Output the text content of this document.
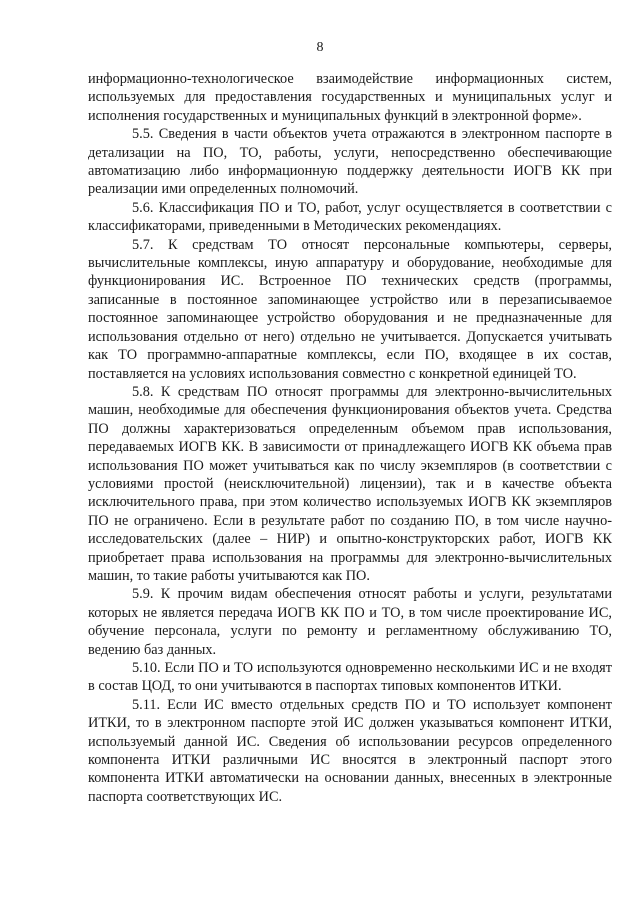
8

информационно-технологическое взаимодействие информационных систем, используемых для предоставления государственных и муниципальных услуг и исполнения государственных и муниципальных функций в электронной форме».

5.5. Сведения в части объектов учета отражаются в электронном паспорте в детализации на ПО, ТО, работы, услуги, непосредственно обеспечивающие автоматизацию либо информационную поддержку деятельности ИОГВ КК при реализации ими определенных полномочий.

5.6. Классификация ПО и ТО, работ, услуг осуществляется в соответствии с классификаторами, приведенными в Методических рекомендациях.

5.7. К средствам ТО относят персональные компьютеры, серверы, вычислительные комплексы, иную аппаратуру и оборудование, необходимые для функционирования ИС. Встроенное ПО технических средств (программы, записанные в постоянное запоминающее устройство или в перезаписываемое постоянное запоминающее устройство оборудования и не предназначенные для использования отдельно от него) отдельно не учитывается. Допускается учитывать как ТО программно-аппаратные комплексы, если ПО, входящее в их состав, поставляется на условиях использования совместно с конкретной единицей ТО.

5.8. К средствам ПО относят программы для электронно-вычислительных машин, необходимые для обеспечения функционирования объектов учета. Средства ПО должны характеризоваться определенным объемом прав использования, передаваемых ИОГВ КК. В зависимости от принадлежащего ИОГВ КК объема прав использования ПО может учитываться как по числу экземпляров (в соответствии с условиями простой (неисключительной) лицензии), так и в качестве объекта исключительного права, при этом количество используемых ИОГВ КК экземпляров ПО не ограничено. Если в результате работ по созданию ПО, в том числе научно-исследовательских (далее – НИР) и опытно-конструкторских работ, ИОГВ КК приобретает права использования на программы для электронно-вычислительных машин, то такие работы учитываются как ПО.

5.9. К прочим видам обеспечения относят работы и услуги, результатами которых не является передача ИОГВ КК ПО и ТО, в том числе проектирование ИС, обучение персонала, услуги по ремонту и регламентному обслуживанию ТО, ведению баз данных.

5.10. Если ПО и ТО используются одновременно несколькими ИС и не входят в состав ЦОД, то они учитываются в паспортах типовых компонентов ИТКИ.

5.11. Если ИС вместо отдельных средств ПО и ТО использует компонент ИТКИ, то в электронном паспорте этой ИС должен указываться компонент ИТКИ, используемый данной ИС. Сведения об использовании ресурсов определенного компонента ИТКИ различными ИС вносятся в электронный паспорт этого компонента ИТКИ автоматически на основании данных, внесенных в электронные паспорта соответствующих ИС.
